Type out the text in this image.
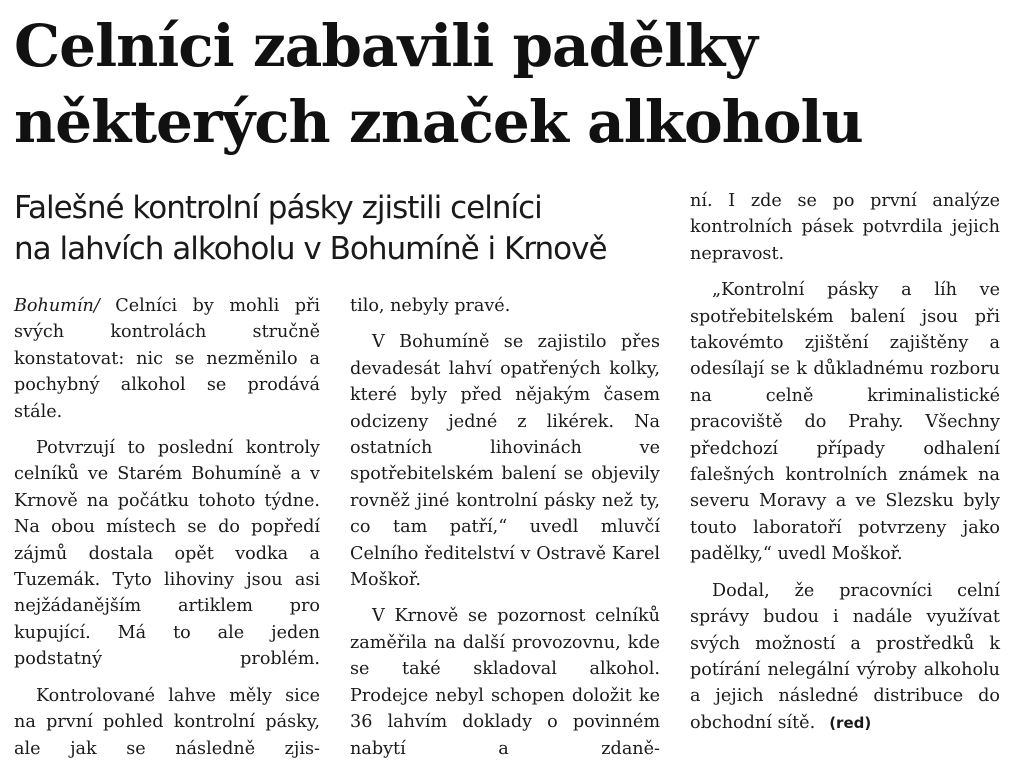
Celníci zabavili padělky
některých značek alkoholu
Falešné kontrolní pásky zjistili celníci
na lahvích alkoholu v Bohumíně i Krnově

Bohumín/ Celníci by mohli při svých kontrolách stručně konstatovat: nic se nezměnilo a pochybný alkohol se prodává stále.

Potvrzují to poslední kontroly celníků ve Starém Bohumíně a v Krnově na počátku tohoto týdne. Na obou místech se do popředí zájmů dostala opět vodka a Tuzemák. Tyto lihoviny jsou asi nejžádanějším artiklem pro kupující. Má to ale jeden podstatný problém.

Kontrolované lahve měly sice na první pohled kontrolní pásky, ale jak se následně zjis-

tilo, nebyly pravé.

V Bohumíně se zajistilo přes devadesát lahví opatřených kolky, které byly před nějakým časem odcizeny jedné z likérek. Na ostatních lihovinách ve spotřebitelském balení se objevily rovněž jiné kontrolní pásky než ty, co tam patří,“ uvedl mluvčí Celního ředitelství v Ostravě Karel Moškoř.

V Krnově se pozornost celníků zaměřila na další provozovnu, kde se také skladoval alkohol. Prodejce nebyl schopen doložit ke 36 lahvím doklady o povinném nabytí a zdaně-

ní. I zde se po první analýze kontrolních pásek potvrdila jejich nepravost.

„Kontrolní pásky a líh ve spotřebitelském balení jsou při takovémto zjištění zajištěny a odesílají se k důkladnému rozboru na celně kriminalistické pracoviště do Prahy. Všechny předchozí případy odhalení falešných kontrolních známek na severu Moravy a ve Slezsku byly touto laboratoří potvrzeny jako padělky,“ uvedl Moškoř.

Dodal, že pracovníci celní správy budou i nadále využívat svých možností a prostředků k potírání nelegální výroby alkoholu a jejich následné distribuce do obchodní sítě. (red)
